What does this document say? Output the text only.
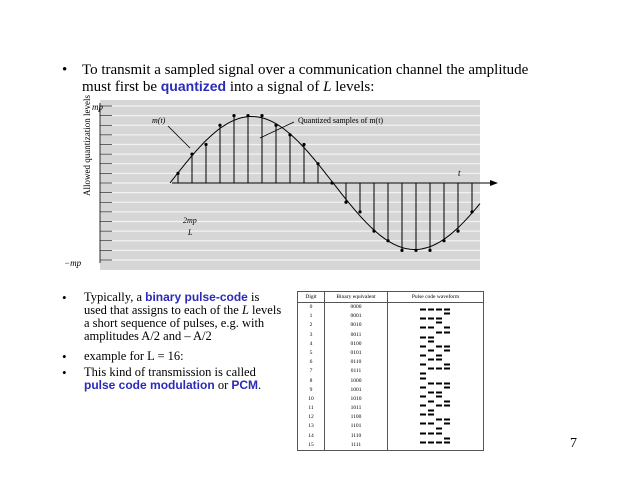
• To transmit a sampled signal over a communication channel the amplitude must first be quantized into a signal of L levels:
Allowed quantization levels mp
−mp
m(t)	Quantized samples of m(t)
t
2mp
L
• Typically, a binary pulse-code is used that assigns to each of the L levels a short sequence of pulses, e.g. with amplitudes A/2 and – A/2
• example for L = 16:
• This kind of transmission is called pulse code modulation or PCM.
Digit	Binary equivalent	Pulse code waveform
0	0000
1	0001
2	0010
3	0011
4	0100
5	0101
6	0110
7	0111
8	1000
9	1001
10	1010
11	1011
12	1100
13	1101
14	1110
15	1111	7
